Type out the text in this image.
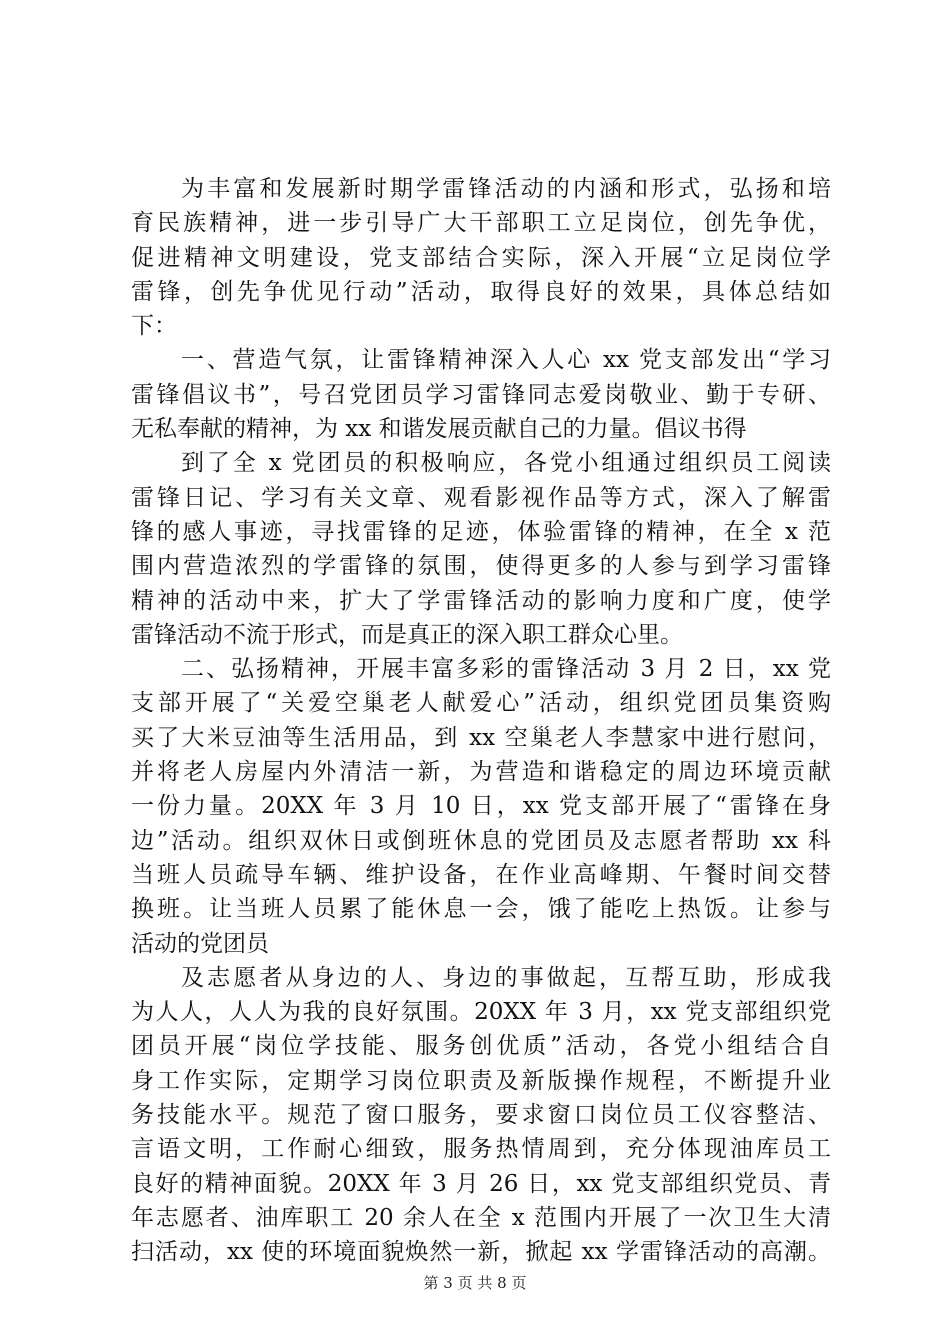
为丰富和发展新时期学雷锋活动的内涵和形式，弘扬和培
育民族精神，进一步引导广大干部职工立足岗位，创先争优，
促进精神文明建设，党支部结合实际，深入开展“立足岗位学
雷锋，创先争优见行动”活动，取得良好的效果，具体总结如
下：
一、营造气氛，让雷锋精神深入人心 xx 党支部发出“学习
雷锋倡议书”，号召党团员学习雷锋同志爱岗敬业、勤于专研、
无私奉献的精神，为 xx 和谐发展贡献自己的力量。倡议书得
到了全 x 党团员的积极响应，各党小组通过组织员工阅读
雷锋日记、学习有关文章、观看影视作品等方式，深入了解雷
锋的感人事迹，寻找雷锋的足迹，体验雷锋的精神，在全 x 范
围内营造浓烈的学雷锋的氛围，使得更多的人参与到学习雷锋
精神的活动中来，扩大了学雷锋活动的影响力度和广度，使学
雷锋活动不流于形式，而是真正的深入职工群众心里。
二、弘扬精神，开展丰富多彩的雷锋活动 3 月 2 日，xx 党
支部开展了“关爱空巢老人献爱心”活动，组织党团员集资购
买了大米豆油等生活用品，到 xx 空巢老人李慧家中进行慰问，
并将老人房屋内外清洁一新，为营造和谐稳定的周边环境贡献
一份力量。20XX 年 3 月 10 日，xx 党支部开展了“雷锋在身
边”活动。组织双休日或倒班休息的党团员及志愿者帮助 xx 科
当班人员疏导车辆、维护设备，在作业高峰期、午餐时间交替
换班。让当班人员累了能休息一会，饿了能吃上热饭。让参与
活动的党团员
及志愿者从身边的人、身边的事做起，互帮互助，形成我
为人人，人人为我的良好氛围。20XX 年 3 月，xx 党支部组织党
团员开展“岗位学技能、服务创优质”活动，各党小组结合自
身工作实际，定期学习岗位职责及新版操作规程，不断提升业
务技能水平。规范了窗口服务，要求窗口岗位员工仪容整洁、
言语文明，工作耐心细致，服务热情周到，充分体现油库员工
良好的精神面貌。20XX 年 3 月 26 日，xx 党支部组织党员、青
年志愿者、油库职工 20 余人在全 x 范围内开展了一次卫生大清
扫活动，xx 使的环境面貌焕然一新，掀起 xx 学雷锋活动的高潮。
第 3 页 共 8 页
